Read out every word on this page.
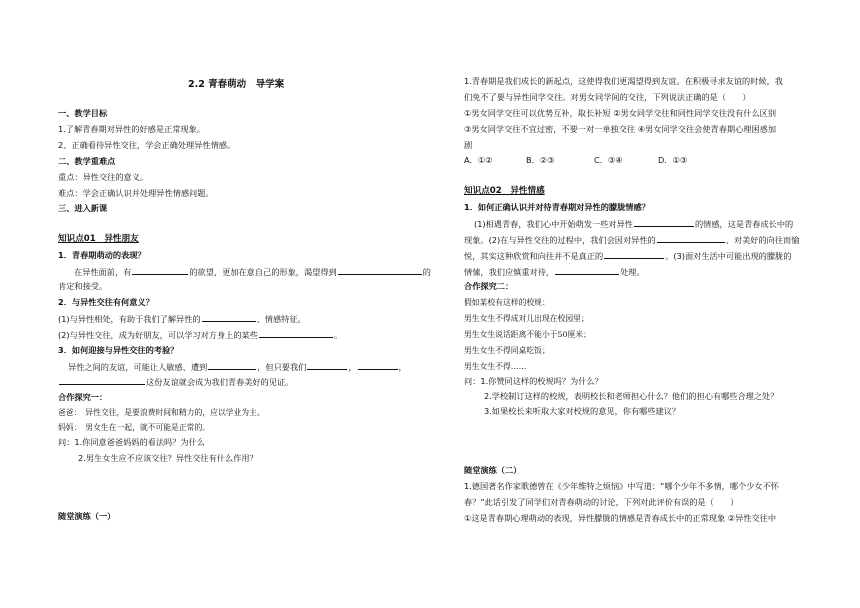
2.2 青春萌动　导学案
一、教学目标
1.了解青春期对异性的好感是正常现象。
2、正确看待异性交往，学会正确处理异性情感。
二、教学重难点
重点：异性交往的意义。
难点：学会正确认识并处理异性情感问题。
三、进入新课
知识点01　异性朋友
1．青春期萌动的表现？
在异性面前，有	的欲望，更加在意自己的形象，渴望得到	的
肯定和接受。
2．与异性交往有何意义？
(1)与异性相处，有助于我们了解异性的	、情感特征。
(2)与异性交往，成为好朋友，可以学习对方身上的某些	。
3．如何迎接与异性交往的考验？
异性之间的友谊，可能让人敏感、遭到	，但只要我们	，	，
这份友谊就会成为我们青春美好的见证。
合作探究一：
爸爸：　异性交往，是要浪费时间和精力的，应以学业为主。
妈妈：　男女生在一起，就不可能是正常的。
问：1.你同意爸爸妈妈的看法吗？为什么
2.男生女生应不应该交往？异性交往有什么作用？
随堂演练（一）
1.青春期是我们成长的新起点，这使得我们更渴望得到友谊。在积极寻求友谊的时候，我
们免不了要与异性同学交往。对男女同学间的交往，下列说法正确的是（　　）
①男女同学交往可以优势互补，取长补短 ②男女同学交往和同性同学交往没有什么区别
③男女同学交往不宜过密，不要一对一单独交往 ④男女同学交往会使青春期心理困惑加
剧
A．①②	B．②③	C．③④	D．①③
知识点02　异性情感
1．如何正确认识并对待青春期对异性的朦胧情感？
(1)相遇青春，我们心中开始萌发一些对异性	的情感，这是青春成长中的
现象。(2)在与异性交往的过程中，我们会因对异性的	、对美好的向往而愉
悦，其实这种欣赏和向往并不是真正的	。(3)面对生活中可能出现的朦胧的
情愫，我们应慎重对待，	处理。
合作探究二：
假如某校有这样的校规：
男生女生不得成对儿出现在校园里；
男生女生说话距离不能小于50厘米；
男生女生不得同桌吃饭；
男生女生不得……
问：1.你赞同这样的校规吗？为什么？
2.学校制订这样的校规，表明校长和老师担心什么？他们的担心有哪些合理之处？
3.如果校长来听取大家对校规的意见，你有哪些建议？
随堂演练（二）
1.德国著名作家歌德曾在《少年维特之烦恼》中写道：“哪个少年不多情，哪个少女不怀
春？”此话引发了同学们对青春萌动的讨论，下列对此评价有误的是（　　）
①这是青春期心理萌动的表现，异性朦胧的情感是青春成长中的正常现象 ②异性交往中
